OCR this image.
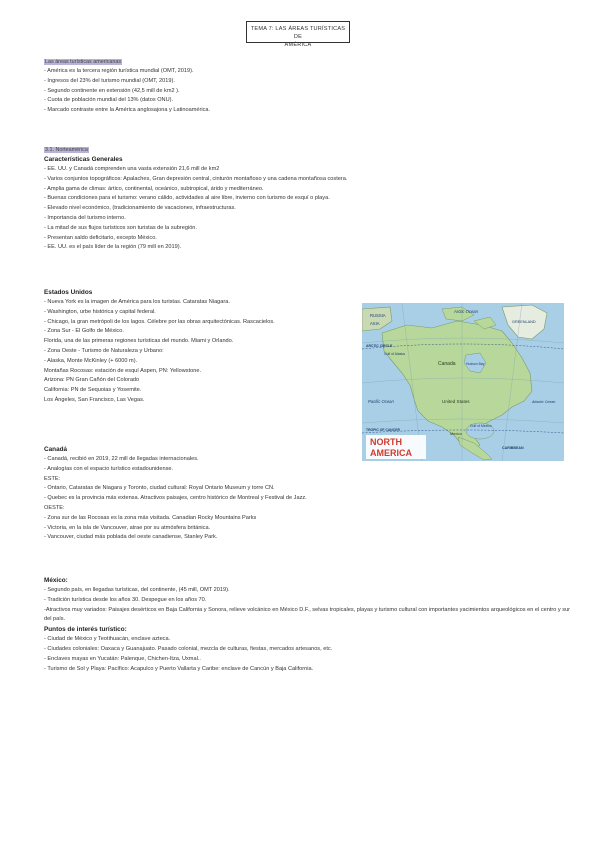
TEMA 7: LAS ÁREAS TURÍSTICAS DE
AMÉRICA
Las áreas turísticas americanas
- América es la tercera región turística mundial (OMT, 2019).
- Ingresos del 23% del turismo mundial (OMT, 2019).
- Segundo continente en extensión (42,5 mill de km2 ).
- Cuota de población mundial del 13% (datos ONU).
- Marcado contraste entre la América anglosajona y Latinoamérica.
3.1. Norteamérica
Características Generales
- EE. UU. y Canadá comprenden una vasta extensión 21,6 mill de km2
- Varios conjuntos topográficos: Apalaches, Gran depresión central, cinturón montañoso y una cadena montañosa costera.
- Amplia gama de climas: ártico, continental, oceánico, subtropical, árido y mediterráneo.
- Buenas condiciones para el turismo: verano cálido, actividades al aire libre, invierno con turismo de esquí o playa.
- Elevado nivel económico, (tradicionamiento de vacaciones, infraestructuras.
- Importancia del turismo interno.
- La mitad de sus flujos turísticos son turistas de la subregión.
- Presentan saldo deficitario, excepto México.
- EE. UU. es el país líder de la región (79 mill en 2019).
Estados Unidos
- Nueva York es la imagen de América para los turistas. Cataratas Niagara.
- Washington, urbe histórica y capital federal.
- Chicago, la gran metrópoli de los lagos. Célebre por las obras arquitectónicas. Rascacielos.
- Zona Sur - El Golfo de México.
Florida, una de las primeras regiones turísticas del mundo. Miami y Orlando.
- Zona Oeste - Turismo de Naturaleza y Urbano:
- Alaska, Monte McKinley (+ 6000 m).
Montañas Rocosas: estación de esquí Aspen, PN: Yellowstone.
Arizona: PN Gran Cañón del Colorado
California: PN de Sequoias y Yosemite.
Los Ángeles, San Francisco, Las Vegas.
Canadá
- Canadá, recibió en 2019, 22 mill de llegadas internacionales.
- Analogías con el espacio turístico estadounidense.
ESTE:
- Ontario, Cataratas de Niagara y Toronto, ciudad cultural: Royal Ontario Museum y torre CN.
- Quebec es la provincia más extensa. Atractivos paisajes, centro histórico de Montreal y Festival de Jazz.
OESTE:
- Zona sur de las Rocosas es la zona más visitada. Canadian Rocky Mountains Parks
- Victoria, en la isla de Vancouver, atrae por su atmósfera británica.
- Vancouver, ciudad más poblada del oeste canadiense, Stanley Park.
México:
- Segundo país, en llegadas turísticas, del continente, (45 mill, OMT 2019).
- Tradición turística desde los años 30. Despegue en los años 70.
-Atractivos muy variados: Paisajes desérticos en Baja California y Sonora, relieve volcánico en México D.F., selvas tropicales, playas y turismo cultural con importantes yacimientos arqueológicos en el centro y sur del país.
Puntos de interés turístico:
- Ciudad de México y Teotihuacán, enclave azteca.
- Ciudades coloniales: Oaxaca y Guanajuato. Pasado colonial, mezcla de culturas, fiestas, mercados artesanos, etc.
- Enclaves mayas en Yucatán: Palenque, Chichen-Itza, Uxmal..
- Turismo de Sol y Playa: Pacífico: Acapulco y Puerto Vallarta y Caribe: enclave de Cancún y Baja California.
Arctic Ocean
RUSSIA
ASIA	GREENLAND
ARCTIC CIRCLE
Canada
Gulf of Alaska
Hudson Bay
Pacific Ocean	Atlantic Ocean
United States
Mexico
Gulf of Mexico
CARIBBEAN
TROPIC OF CANCER
NORTH
AMERICA
